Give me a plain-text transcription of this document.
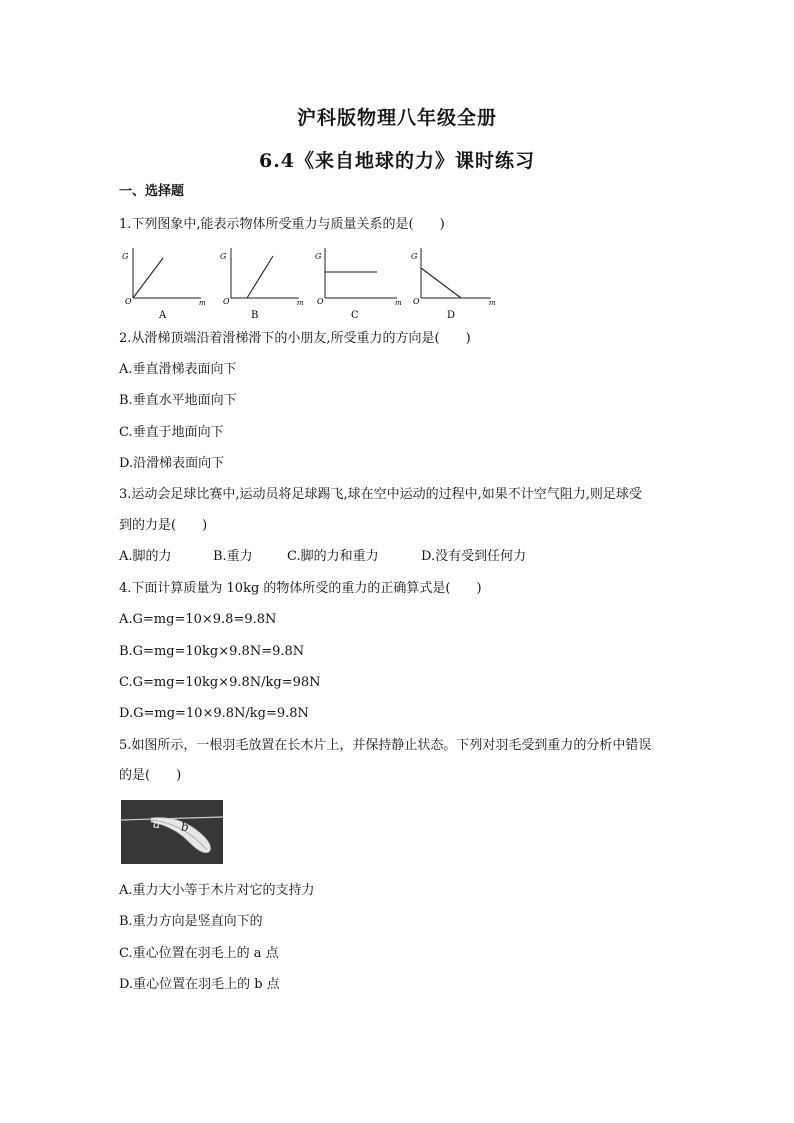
沪科版物理八年级全册
6.4《来自地球的力》课时练习
一、选择题
1.下列图象中,能表示物体所受重力与质量关系的是(　　)
G
O	m
A
G
O	m
B
G
O	m
C
G
O	m
D
2.从滑梯顶端沿着滑梯滑下的小朋友,所受重力的方向是(　　)
A.垂直滑梯表面向下
B.垂直水平地面向下
C.垂直于地面向下
D.沿滑梯表面向下
3.运动会足球比赛中,运动员将足球踢飞,球在空中运动的过程中,如果不计空气阻力,则足球受
到的力是(　　)
A.脚的力	B.重力	C.脚的力和重力	D.没有受到任何力
4.下面计算质量为 10kg 的物体所受的重力的正确算式是(　　)
A.G=mg=10×9.8=9.8N
B.G=mg=10kg×9.8N=9.8N
C.G=mg=10kg×9.8N/kg=98N
D.G=mg=10×9.8N/kg=9.8N
5.如图所示，一根羽毛放置在长木片上，并保持静止状态。下列对羽毛受到重力的分析中错误
的是(　　)
a b
A.重力大小等于木片对它的支持力
B.重力方向是竖直向下的
C.重心位置在羽毛上的 a 点
D.重心位置在羽毛上的 b 点
